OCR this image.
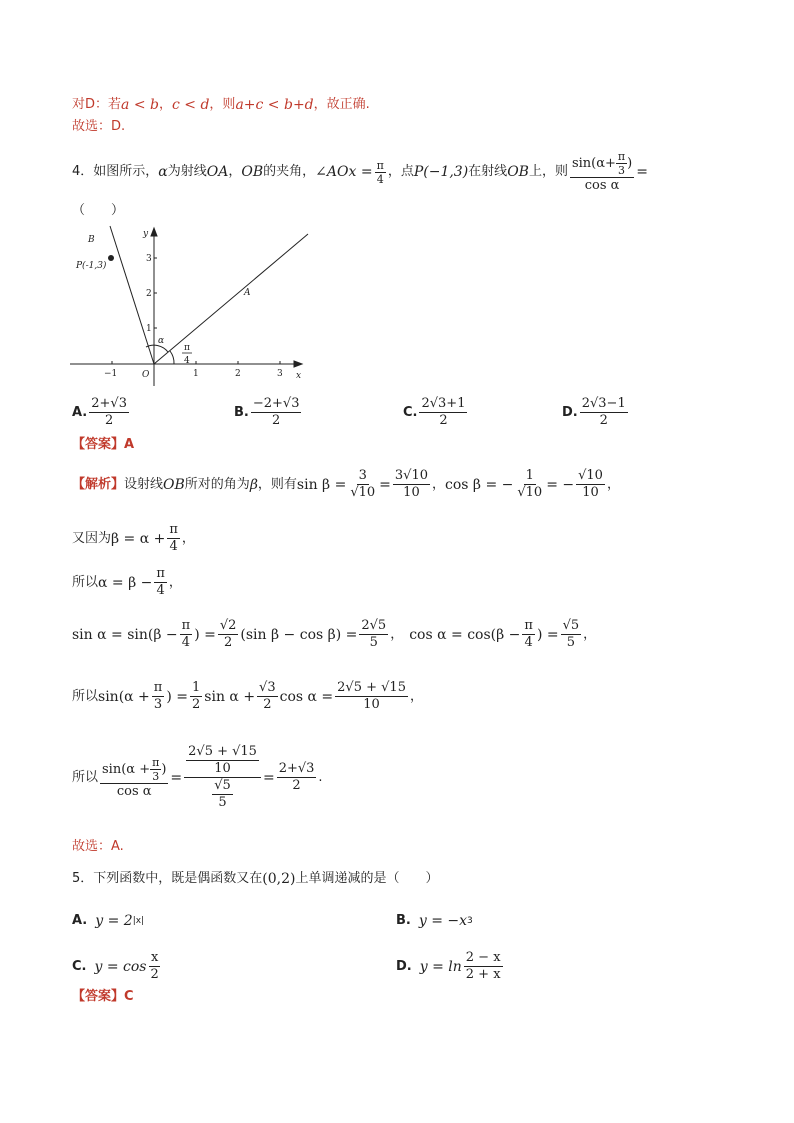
对D：若 a < b ， c < d ，则 a+c < b+d ，故正确.
故选：D.
4． 如图所示， α 为射线 OA ， OB 的夹角， ∠AOx = $\frac{\pi}{4}$ ，点 P(−1,3) 在射线 OB 上，则 $\frac{\sin(\alpha+ \frac{\pi}{3} )}{\text{cos α}}$ =
（　　）
B
P(-1,3)
y
x
O
A
α
π
4
−1	1	2	3
1
2
3
A. $\frac{2+√3}{2}$	B. $\frac{-2+√3}{2}$	C. $\frac{2√3+1}{2}$	D. $\frac{2√3-1}{2}$
【答案】A
【解析】 设射线 OB 所对的角为 β ，则有 $\sin \beta = \frac{3}{√10} = \frac{3√10}{10}$ ， cos β = − $\frac{1}{√10}$ = − $\frac{√10}{10}$ ，
又因为 $\beta = \alpha + \frac{\pi}{4}$ ，
所以 $\alpha = \beta - \frac{\pi}{4}$ ，
$\sin \alpha = \sin(\beta - \frac{\pi}{4}$ ) = $\frac{√2}{2} (\sin$ $\beta - \cos \beta) = \frac{2√5}{5}$ ， $\cos \alpha = \cos(\beta - \frac{\pi}{4}$ ) = $\frac{√5}{5}$ ，
所以 $\sin(\alpha + \frac{\pi}{3}$ ) = $\frac{1}{2}$ $\sin \alpha + \frac{√3}{2}$ $\cos \alpha = \frac{2√5 + √15}{10}$ ，
所以 $\frac{\sin(\alpha + \frac{\pi}{3} )}{\text{cos α}} = \frac{\frac{2√5 + √15}{10}}{\frac{√5}{5}} = \frac{2+√3}{2}$ .
故选：A.
5． 下列函数中，既是偶函数又在 (0,2) 上单调递减的是（　　）
A. y = 2 |x|	B. y = −x 3
C. $y = \cos \frac{x}{2}$	D. $y = \ln \frac{2 - x}{2 + x}$
【答案】C
